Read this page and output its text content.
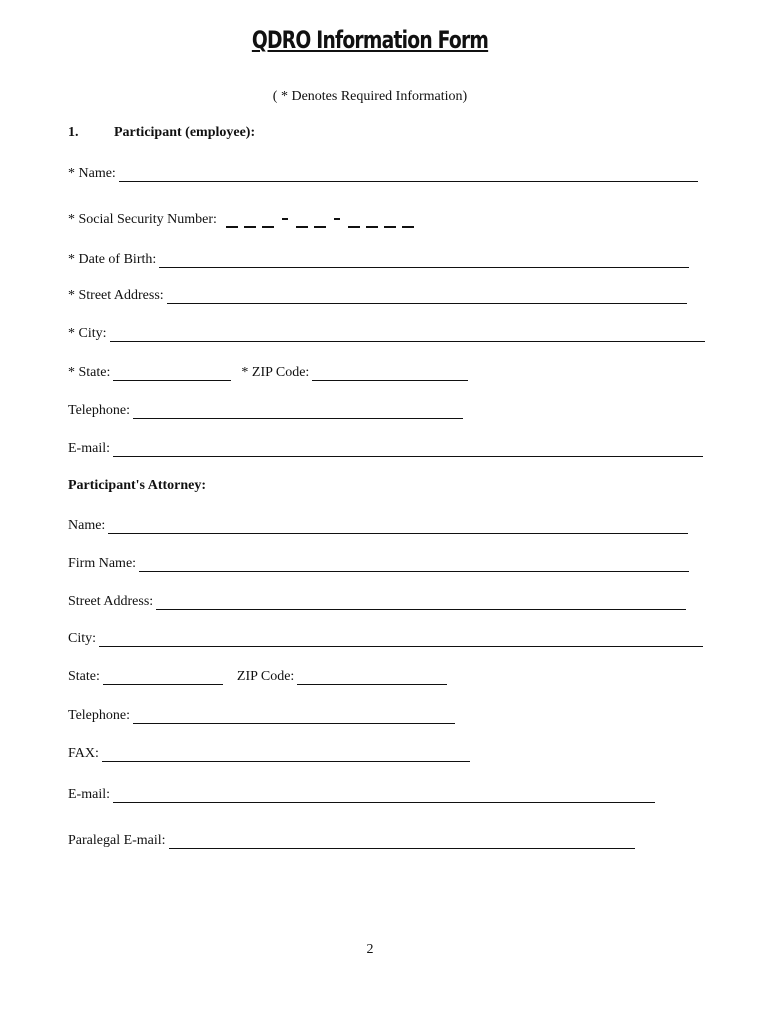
QDRO Information Form
( * Denotes Required Information)
1.	Participant (employee):
* Name:
* Social Security Number:
* Date of Birth:
* Street Address:
* City:
* State:	* ZIP Code:
Telephone:
E-mail:
Participant's Attorney:
Name:
Firm Name:
Street Address:
City:
State:	ZIP Code:
Telephone:
FAX:
E-mail:
Paralegal E-mail:
2
